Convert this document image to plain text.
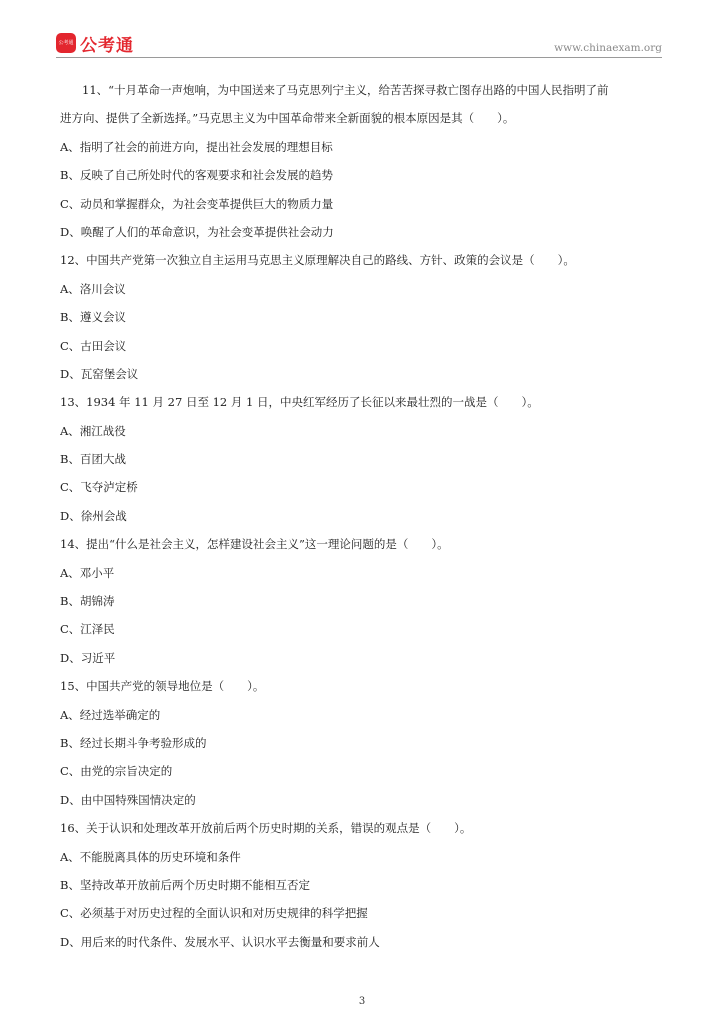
公考通 公考通	www.chinaexam.org
11、“十月革命一声炮响，为中国送来了马克思列宁主义，给苦苦探寻救亡图存出路的中国人民指明了前
进方向、提供了全新选择。”马克思主义为中国革命带来全新面貌的根本原因是其（　　）。
A、指明了社会的前进方向，提出社会发展的理想目标
B、反映了自己所处时代的客观要求和社会发展的趋势
C、动员和掌握群众，为社会变革提供巨大的物质力量
D、唤醒了人们的革命意识，为社会变革提供社会动力
12、中国共产党第一次独立自主运用马克思主义原理解决自己的路线、方针、政策的会议是（　　）。
A、洛川会议
B、遵义会议
C、古田会议
D、瓦窑堡会议
13、1934 年 11 月 27 日至 12 月 1 日，中央红军经历了长征以来最壮烈的一战是（　　）。
A、湘江战役
B、百团大战
C、飞夺泸定桥
D、徐州会战
14、提出“什么是社会主义，怎样建设社会主义”这一理论问题的是（　　）。
A、邓小平
B、胡锦涛
C、江泽民
D、习近平
15、中国共产党的领导地位是（　　）。
A、经过选举确定的
B、经过长期斗争考验形成的
C、由党的宗旨决定的
D、由中国特殊国情决定的
16、关于认识和处理改革开放前后两个历史时期的关系，错误的观点是（　　）。
A、不能脱离具体的历史环境和条件
B、坚持改革开放前后两个历史时期不能相互否定
C、必须基于对历史过程的全面认识和对历史规律的科学把握
D、用后来的时代条件、发展水平、认识水平去衡量和要求前人
3
